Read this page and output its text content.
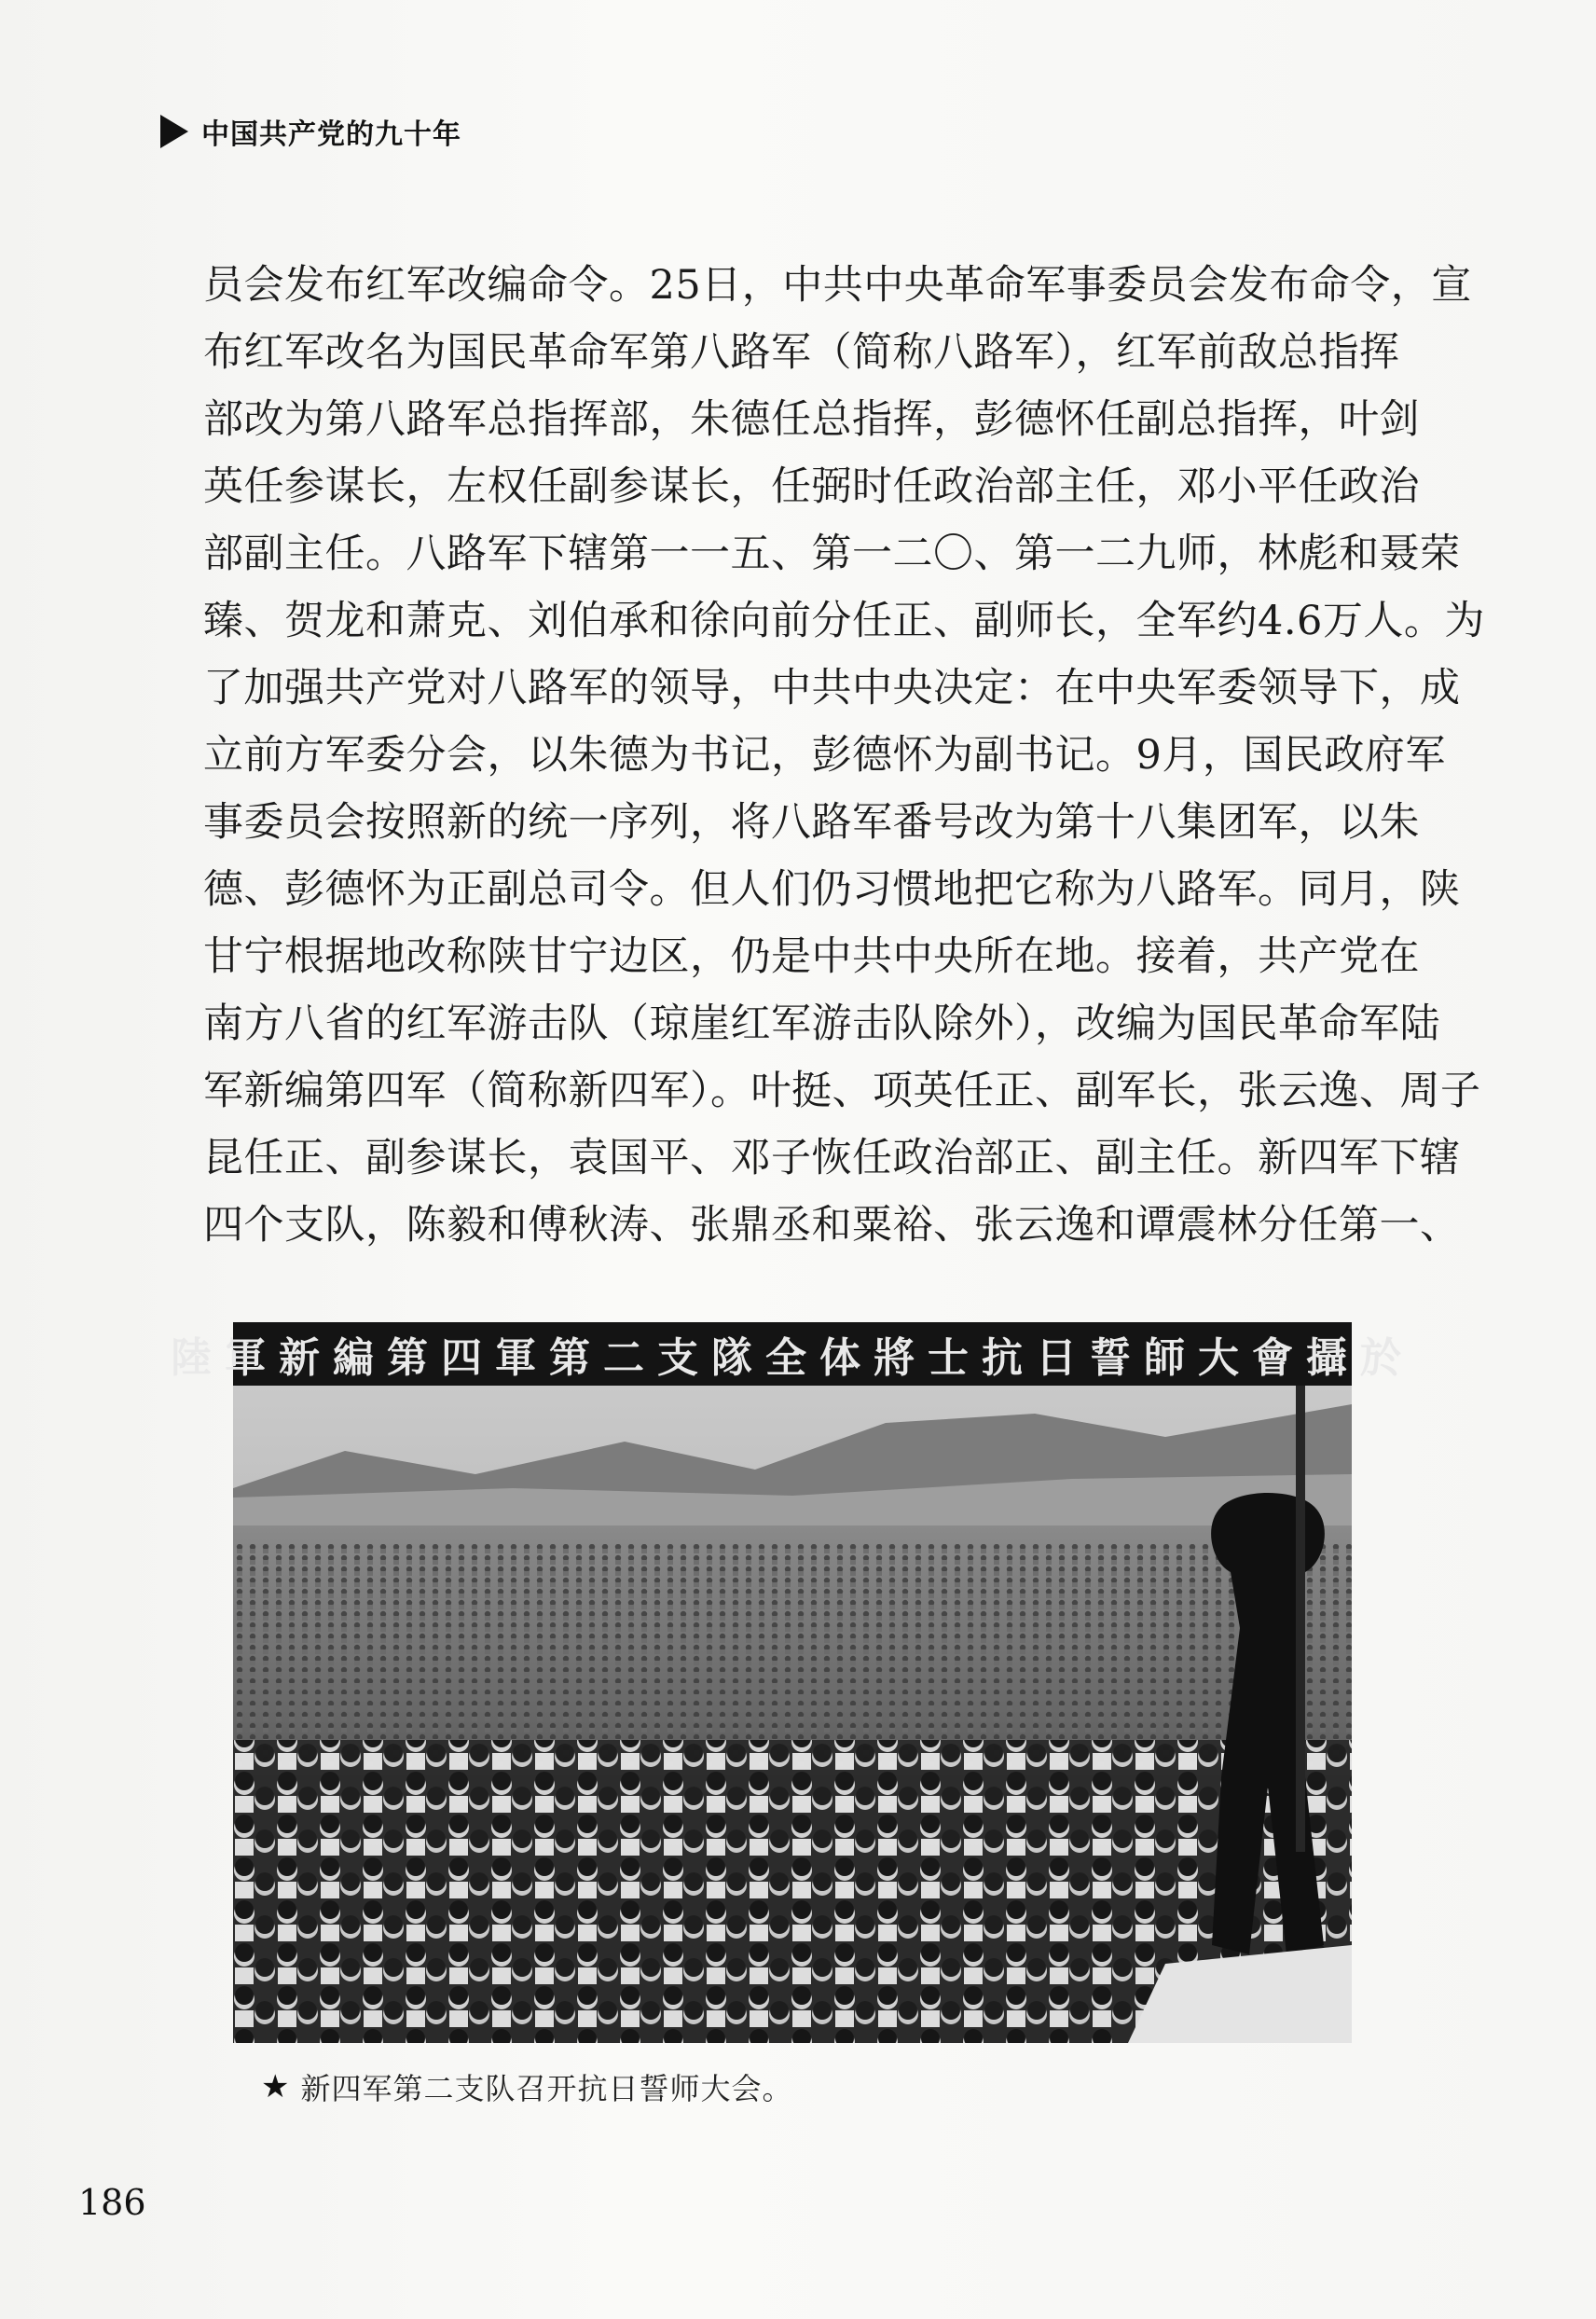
中国共产党的九十年
员会发布红军改编命令。25日，中共中央革命军事委员会发布命令，宣
布红军改名为国民革命军第八路军（简称八路军），红军前敌总指挥
部改为第八路军总指挥部，朱德任总指挥，彭德怀任副总指挥，叶剑
英任参谋长，左权任副参谋长，任弼时任政治部主任，邓小平任政治
部副主任。八路军下辖第一一五、第一二〇、第一二九师，林彪和聂荣
臻、贺龙和萧克、刘伯承和徐向前分任正、副师长，全军约4.6万人。为
了加强共产党对八路军的领导，中共中央决定：在中央军委领导下，成
立前方军委分会，以朱德为书记，彭德怀为副书记。9月，国民政府军
事委员会按照新的统一序列，将八路军番号改为第十八集团军，以朱
德、彭德怀为正副总司令。但人们仍习惯地把它称为八路军。同月，陕
甘宁根据地改称陕甘宁边区，仍是中共中央所在地。接着，共产党在
南方八省的红军游击队（琼崖红军游击队除外），改编为国民革命军陆
军新编第四军（简称新四军）。叶挺、项英任正、副军长，张云逸、周子
昆任正、副参谋长，袁国平、邓子恢任政治部正、副主任。新四军下辖
四个支队，陈毅和傅秋涛、张鼎丞和粟裕、张云逸和谭震林分任第一、
陸軍新編第四軍第二支隊全体將士抗日誓師大會攝於
★ 新四军第二支队召开抗日誓师大会。
186
